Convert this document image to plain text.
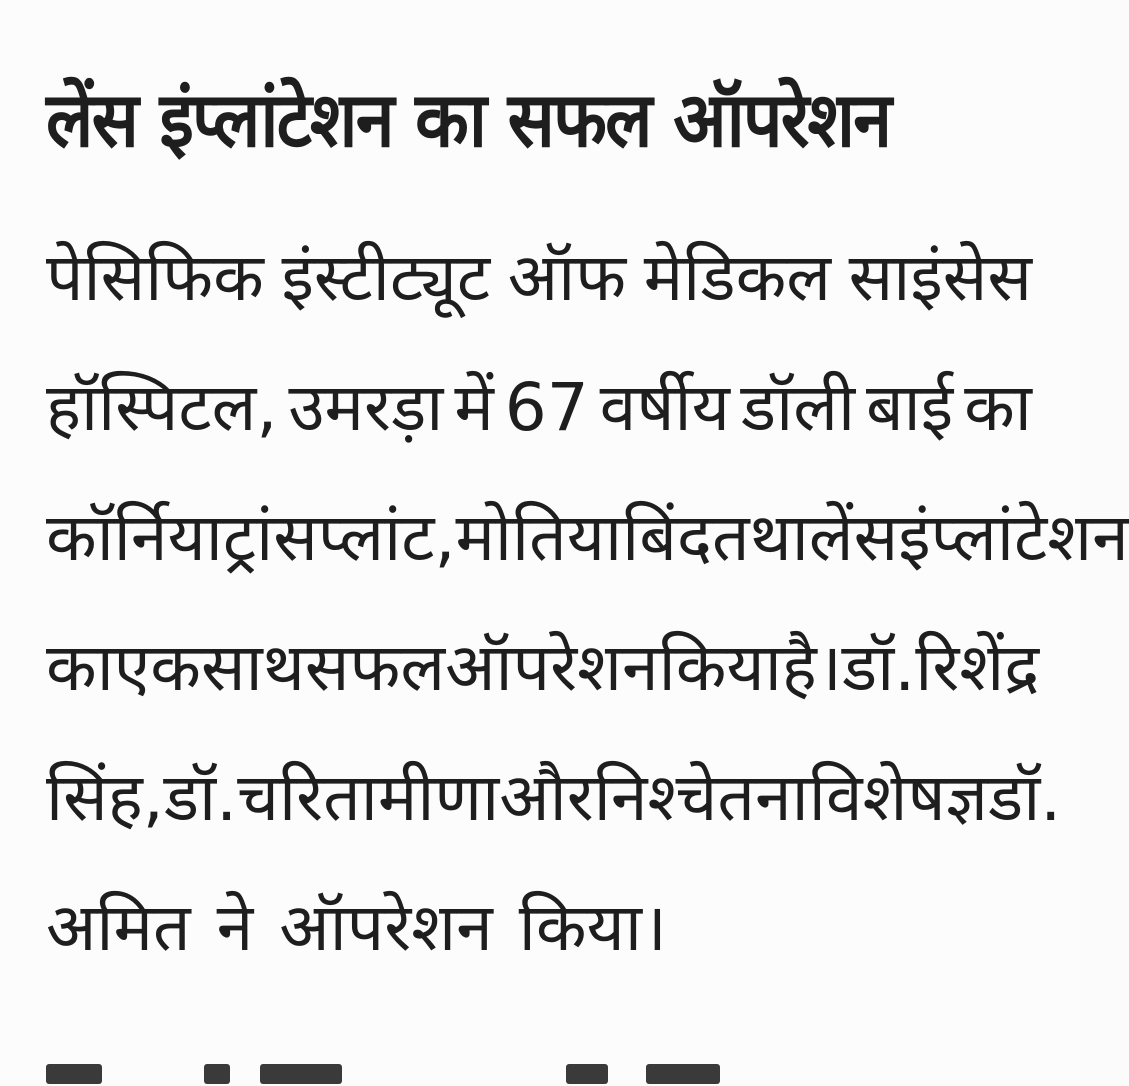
लेंस इंप्लांटेशन का सफल ऑपरेशन
पेसिफिक इंस्टीट्यूट ऑफ मेडिकल साइंसेस
हॉस्पिटल, उमरड़ा में 67 वर्षीय डॉली बाई का
कॉर्निया ट्रांसप्लांट, मोतियाबिंद तथा लेंस इंप्लांटेशन
का एक साथ सफल ऑपरेशन किया है। डॉ. रिशेंद्र
सिंह, डॉ. चरिता मीणा और निश्चेतना विशेषज्ञ डॉ.
अमित ने ऑपरेशन किया।
